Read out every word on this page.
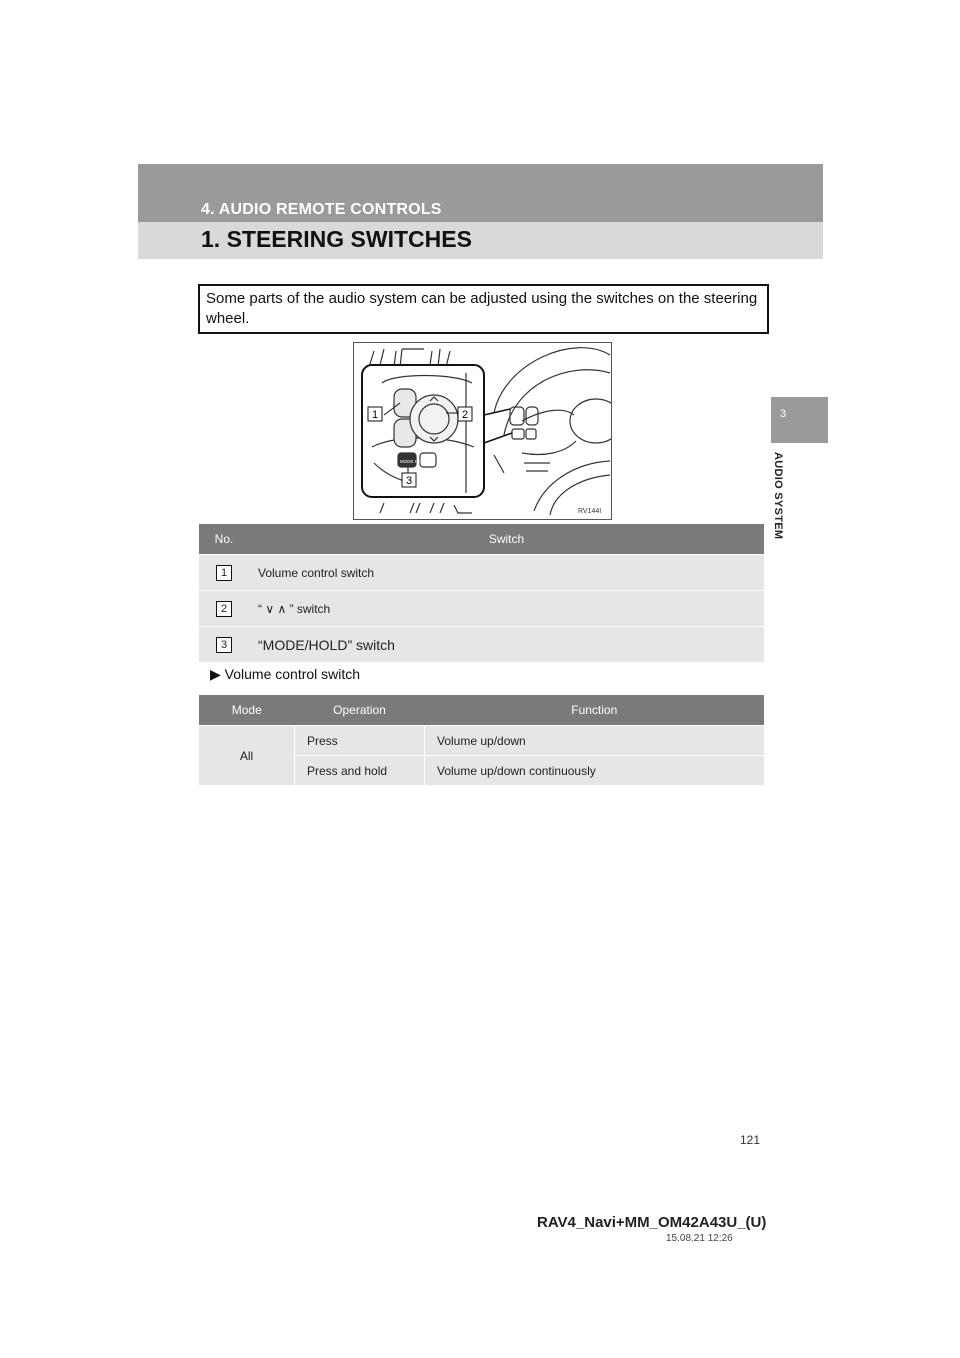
4. AUDIO REMOTE CONTROLS
1. STEERING SWITCHES
3
AUDIO SYSTEM
Some parts of the audio system can be adjusted using the switches on the steering wheel.
MODE HOLD
1	2
3
RV144I
No.	Switch
1	Volume control switch
2	“ ∨ ∧ ” switch
3	“MODE/HOLD” switch
▶ Volume control switch
Mode	Operation	Function
All	Press	Volume up/down
	Press and hold	Volume up/down continuously
121
RAV4_Navi+MM_OM42A43U_(U)
15.08.21 12:26
